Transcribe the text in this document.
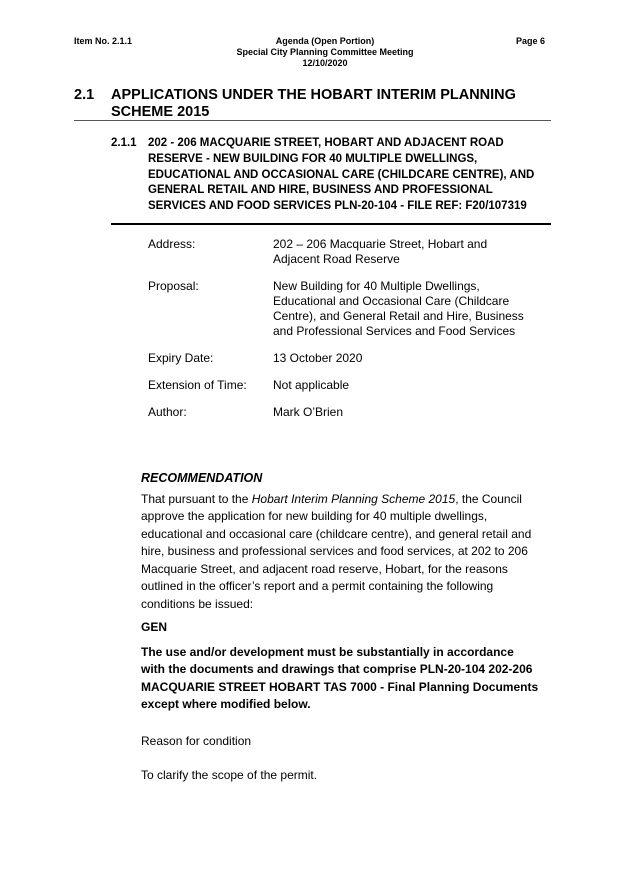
Item No. 2.1.1	Agenda (Open Portion)
Special City Planning Committee Meeting
12/10/2020
Page 6
2.1 APPLICATIONS UNDER THE HOBART INTERIM PLANNING SCHEME 2015
2.1.1 202 - 206 MACQUARIE STREET, HOBART AND ADJACENT ROAD RESERVE - NEW BUILDING FOR 40 MULTIPLE DWELLINGS, EDUCATIONAL AND OCCASIONAL CARE (CHILDCARE CENTRE), AND GENERAL RETAIL AND HIRE, BUSINESS AND PROFESSIONAL SERVICES AND FOOD SERVICES PLN-20-104 - FILE REF: F20/107319
Address:	202 – 206 Macquarie Street, Hobart and Adjacent Road Reserve
Proposal:	New Building for 40 Multiple Dwellings, Educational and Occasional Care (Childcare Centre), and General Retail and Hire, Business and Professional Services and Food Services
Expiry Date:	13 October 2020
Extension of Time:	Not applicable
Author:	Mark O’Brien

RECOMMENDATION

That pursuant to the Hobart Interim Planning Scheme 2015, the Council approve the application for new building for 40 multiple dwellings, educational and occasional care (childcare centre), and general retail and hire, business and professional services and food services, at 202 to 206 Macquarie Street, and adjacent road reserve, Hobart, for the reasons outlined in the officer’s report and a permit containing the following conditions be issued:

GEN

The use and/or development must be substantially in accordance with the documents and drawings that comprise PLN-20-104 202-206 MACQUARIE STREET HOBART TAS 7000 - Final Planning Documents except where modified below.

Reason for condition

To clarify the scope of the permit.
